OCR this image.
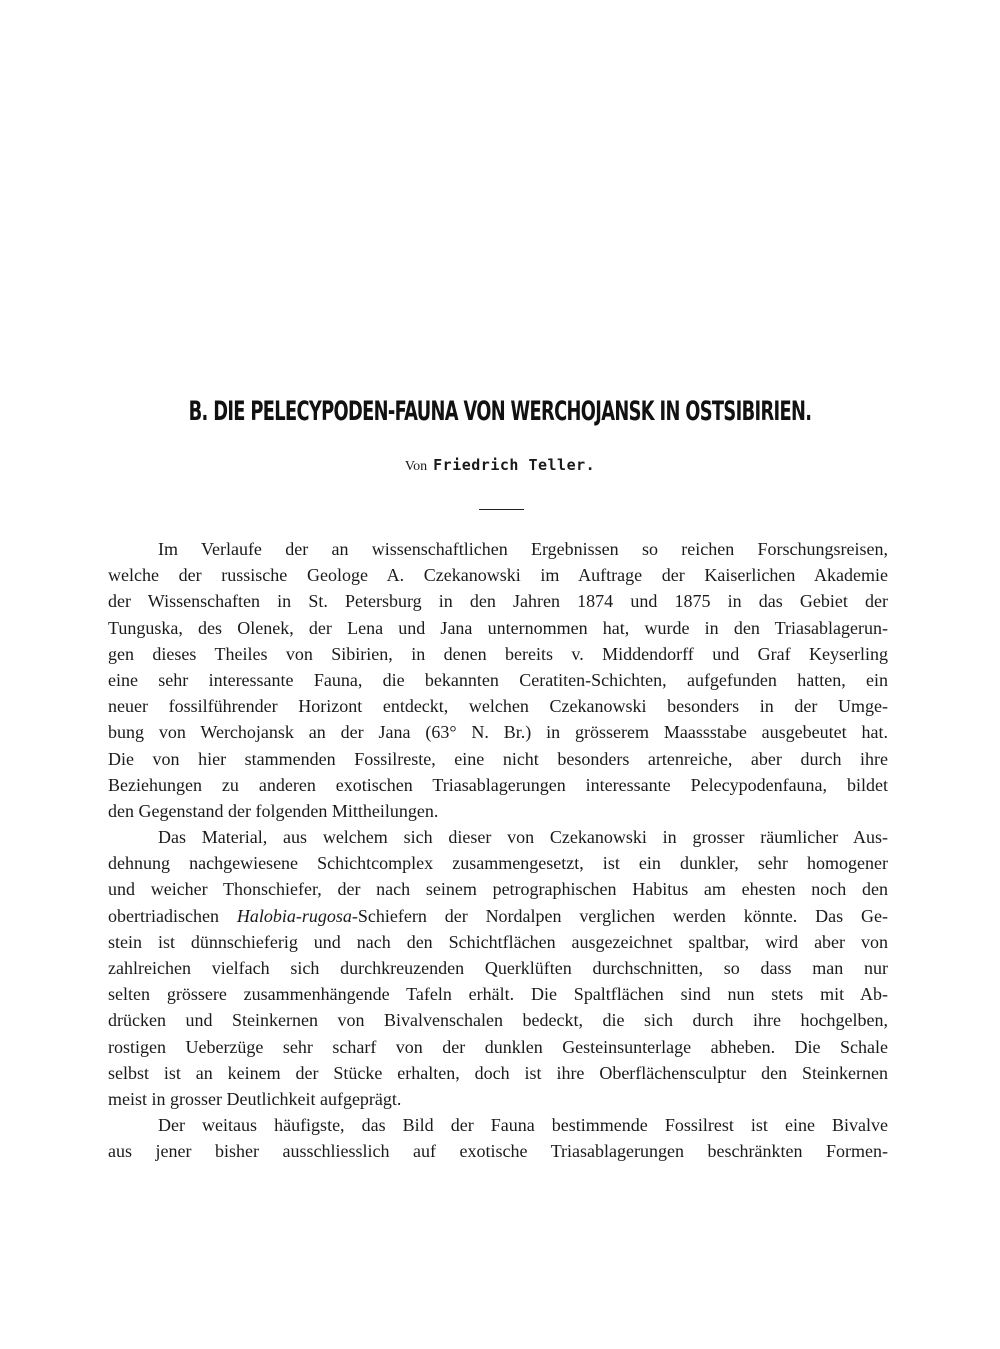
B. DIE PELECYPODEN-FAUNA VON WERCHOJANSK IN OSTSIBIRIEN.
Von Friedrich Teller.
Im Verlaufe der an wissenschaftlichen Ergebnissen so reichen Forschungsreisen,
welche der russische Geologe A. Czekanowski im Auftrage der Kaiserlichen Akademie
der Wissenschaften in St. Petersburg in den Jahren 1874 und 1875 in das Gebiet der
Tunguska, des Olenek, der Lena und Jana unternommen hat, wurde in den Triasablagerun-
gen dieses Theiles von Sibirien, in denen bereits v. Middendorff und Graf Keyserling
eine sehr interessante Fauna, die bekannten Ceratiten-Schichten, aufgefunden hatten, ein
neuer fossilführender Horizont entdeckt, welchen Czekanowski besonders in der Umge-
bung von Werchojansk an der Jana (63° N. Br.) in grösserem Maassstabe ausgebeutet hat.
Die von hier stammenden Fossilreste, eine nicht besonders artenreiche, aber durch ihre
Beziehungen zu anderen exotischen Triasablagerungen interessante Pelecypodenfauna, bildet
den Gegenstand der folgenden Mittheilungen.
Das Material, aus welchem sich dieser von Czekanowski in grosser räumlicher Aus-
dehnung nachgewiesene Schichtcomplex zusammengesetzt, ist ein dunkler, sehr homogener
und weicher Thonschiefer, der nach seinem petrographischen Habitus am ehesten noch den
obertriadischen Halobia-rugosa-Schiefern der Nordalpen verglichen werden könnte. Das Ge-
stein ist dünnschieferig und nach den Schichtflächen ausgezeichnet spaltbar, wird aber von
zahlreichen vielfach sich durchkreuzenden Querklüften durchschnitten, so dass man nur
selten grössere zusammenhängende Tafeln erhält. Die Spaltflächen sind nun stets mit Ab-
drücken und Steinkernen von Bivalvenschalen bedeckt, die sich durch ihre hochgelben,
rostigen Ueberzüge sehr scharf von der dunklen Gesteinsunterlage abheben. Die Schale
selbst ist an keinem der Stücke erhalten, doch ist ihre Oberflächensculptur den Steinkernen
meist in grosser Deutlichkeit aufgeprägt.
Der weitaus häufigste, das Bild der Fauna bestimmende Fossilrest ist eine Bivalve
aus jener bisher ausschliesslich auf exotische Triasablagerungen beschränkten Formen-
